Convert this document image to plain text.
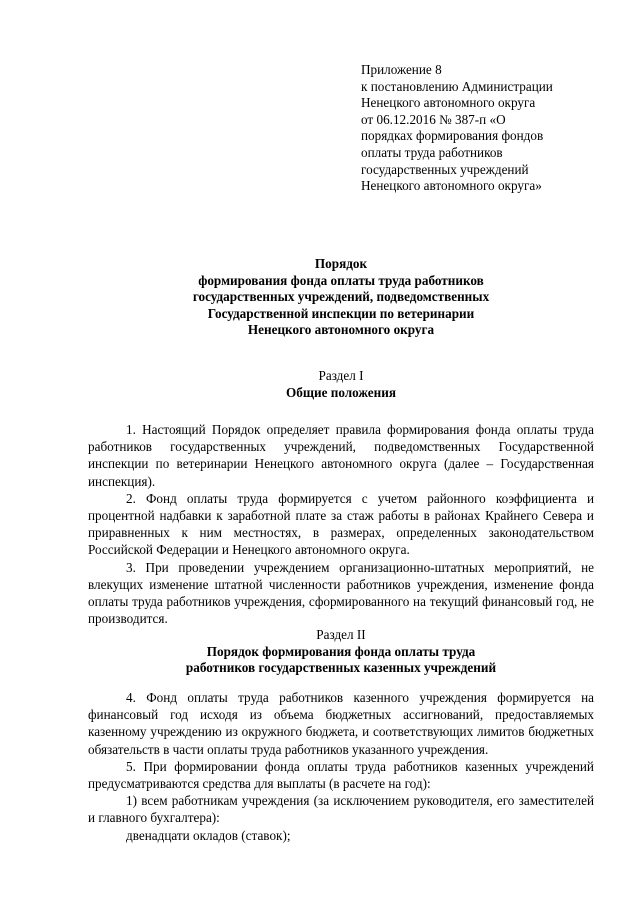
Приложение 8
к постановлению Администрации
Ненецкого автономного округа
от 06.12.2016 № 387-п «О
порядках формирования фондов
оплаты труда работников
государственных учреждений
Ненецкого автономного округа»
Порядок
формирования фонда оплаты труда работников
государственных учреждений, подведомственных
Государственной инспекции по ветеринарии
Ненецкого автономного округа
Раздел I
Общие положения

1. Настоящий Порядок определяет правила формирования фонда оплаты труда работников государственных учреждений, подведомственных Государственной инспекции по ветеринарии Ненецкого автономного округа (далее – Государственная инспекция).

2. Фонд оплаты труда формируется с учетом районного коэффициента и процентной надбавки к заработной плате за стаж работы в районах Крайнего Севера и приравненных к ним местностях, в размерах, определенных законодательством Российской Федерации и Ненецкого автономного округа.

3. При проведении учреждением организационно-штатных мероприятий, не влекущих изменение штатной численности работников учреждения, изменение фонда оплаты труда работников учреждения, сформированного на текущий финансовый год, не производится.

Раздел II
Порядок формирования фонда оплаты труда
работников государственных казенных учреждений

4. Фонд оплаты труда работников казенного учреждения формируется на финансовый год исходя из объема бюджетных ассигнований, предоставляемых казенному учреждению из окружного бюджета, и соответствующих лимитов бюджетных обязательств в части оплаты труда работников указанного учреждения.

5. При формировании фонда оплаты труда работников казенных учреждений предусматриваются средства для выплаты (в расчете на год):

1) всем работникам учреждения (за исключением руководителя, его заместителей и главного бухгалтера):

двенадцати окладов (ставок);
